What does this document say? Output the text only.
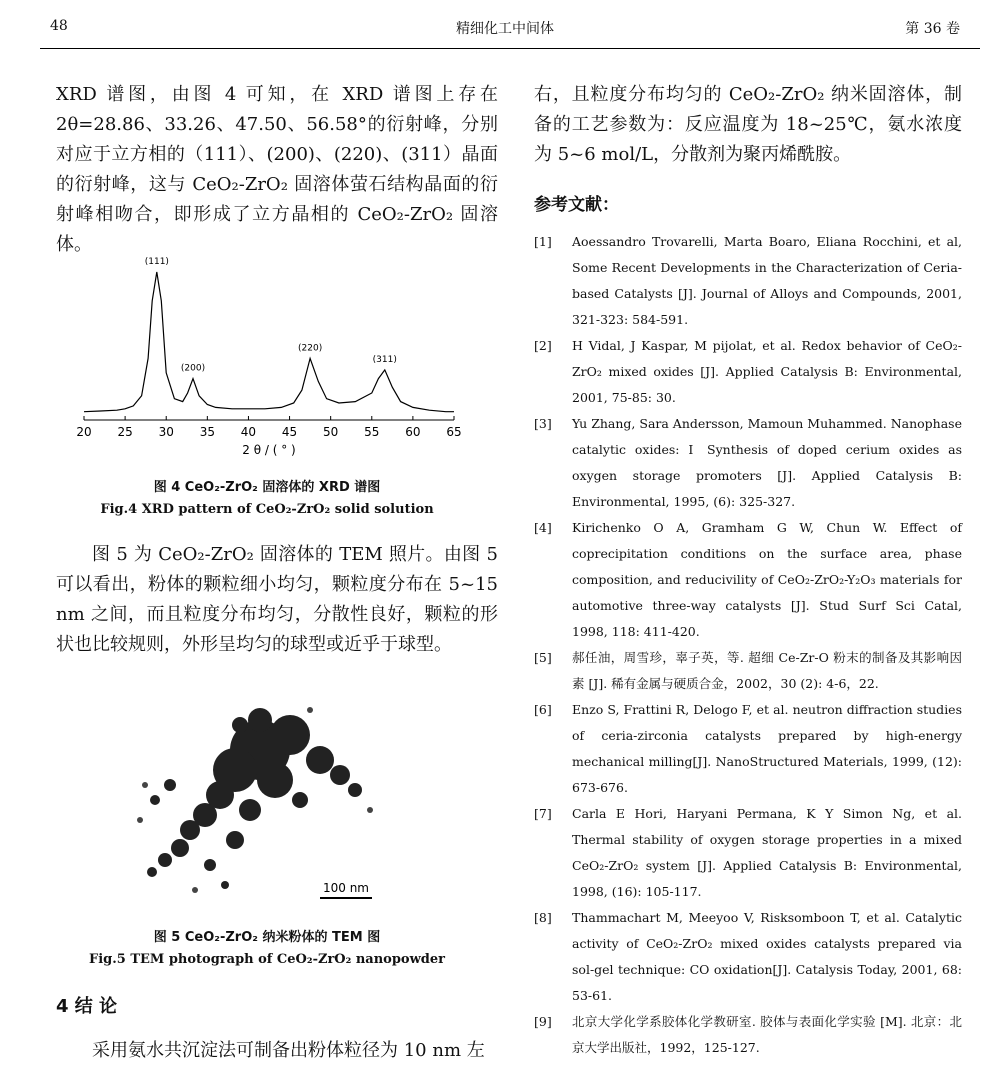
48	精细化工中间体	第 36 卷

XRD 谱图，由图 4 可知，在 XRD 谱图上存在 2θ=28.86、33.26、47.50、56.58°的衍射峰，分别对应于立方相的（111）、(200)、(220)、(311）晶面的衍射峰，这与 CeO₂-ZrO₂ 固溶体萤石结构晶面的衍射峰相吻合，即形成了立方晶相的 CeO₂-ZrO₂ 固溶体。

20 25 30 35 40 45 50 55 60 65
2 θ / ( ° )
(111)
(200)
(220)
(311)
图 4 CeO₂-ZrO₂ 固溶体的 XRD 谱图
Fig.4 XRD pattern of CeO₂-ZrO₂ solid solution

图 5 为 CeO₂-ZrO₂ 固溶体的 TEM 照片。由图 5 可以看出，粉体的颗粒细小均匀，颗粒度分布在 5~15 nm 之间，而且粒度分布均匀，分散性良好，颗粒的形状也比较规则，外形呈均匀的球型或近乎于球型。

100 nm
图 5 CeO₂-ZrO₂ 纳米粉体的 TEM 图
Fig.5 TEM photograph of CeO₂-ZrO₂ nanopowder
4 结 论

采用氨水共沉淀法可制备出粉体粒径为 10 nm 左

右，且粒度分布均匀的 CeO₂-ZrO₂ 纳米固溶体，制备的工艺参数为：反应温度为 18~25℃，氨水浓度为 5~6 mol/L，分散剂为聚丙烯酰胺。

参考文献：
[1]	Aoessandro Trovarelli, Marta Boaro, Eliana Rocchini, et al, Some Recent Developments in the Characterization of Ceria-based Catalysts [J]. Journal of Alloys and Compounds, 2001, 321-323: 584-591.
[2]	H Vidal, J Kaspar, M pijolat, et al. Redox behavior of CeO₂-ZrO₂ mixed oxides [J]. Applied Catalysis B: Environmental, 2001, 75-85: 30.
[3]	Yu Zhang, Sara Andersson, Mamoun Muhammed. Nanophase catalytic oxides: Ⅰ Synthesis of doped cerium oxides as oxygen storage promoters [J]. Applied Catalysis B: Environmental, 1995, (6): 325-327.
[4]	Kirichenko O A, Gramham G W, Chun W. Effect of coprecipitation conditions on the surface area, phase composition, and reducivility of CeO₂-ZrO₂-Y₂O₃ materials for automotive three-way catalysts [J]. Stud Surf Sci Catal, 1998, 118: 411-420.
[5]	郝任油，周雪珍，辜子英，等. 超细 Ce-Zr-O 粉末的制备及其影响因素 [J]. 稀有金属与硬质合金，2002，30 (2): 4-6，22.
[6]	Enzo S, Frattini R, Delogo F, et al. neutron diffraction studies of ceria-zirconia catalysts prepared by high-energy mechanical milling[J]. NanoStructured Materials, 1999, (12): 673-676.
[7]	Carla E Hori, Haryani Permana, K Y Simon Ng, et al. Thermal stability of oxygen storage properties in a mixed CeO₂-ZrO₂ system [J]. Applied Catalysis B: Environmental, 1998, (16): 105-117.
[8]	Thammachart M, Meeyoo V, Risksomboon T, et al. Catalytic activity of CeO₂-ZrO₂ mixed oxides catalysts prepared via sol-gel technique: CO oxidation[J]. Catalysis Today, 2001, 68: 53-61.
[9]	北京大学化学系胶体化学教研室. 胶体与表面化学实验 [M]. 北京：北京大学出版社，1992，125-127.
